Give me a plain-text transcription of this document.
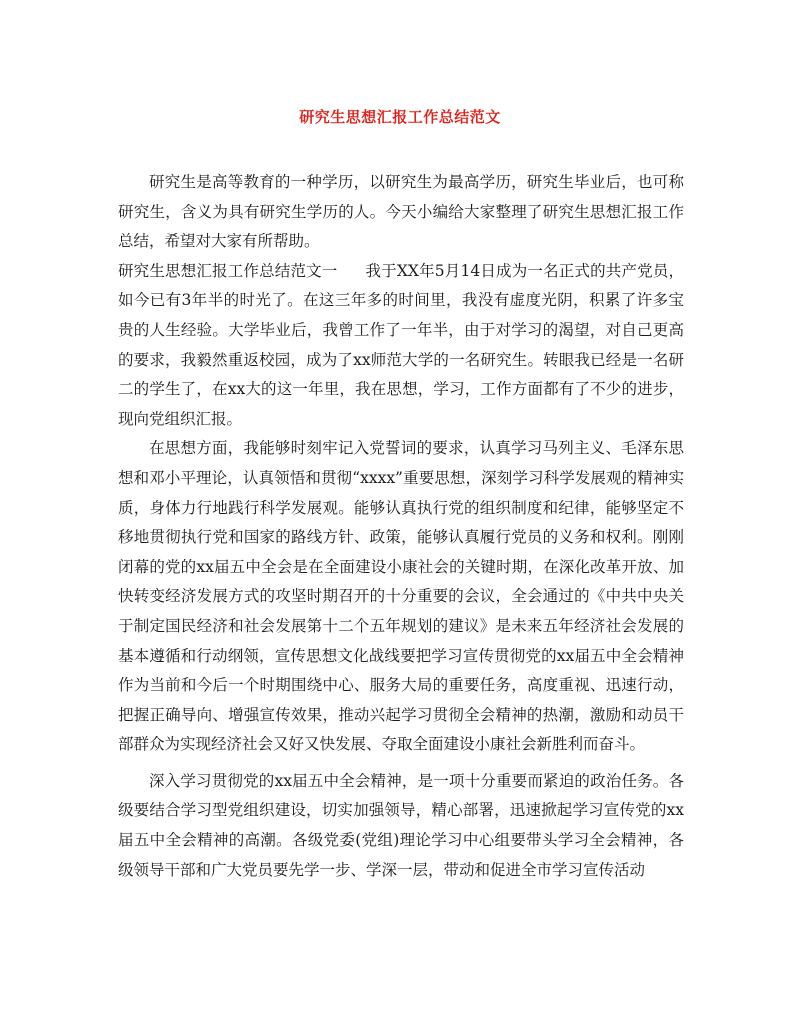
研究生思想汇报工作总结范文

研究生是高等教育的一种学历，以研究生为最高学历，研究生毕业后，也可称研究生，含义为具有研究生学历的人。今天小编给大家整理了研究生思想汇报工作总结，希望对大家有所帮助。

研究生思想汇报工作总结范文一 我于XX年5月14日成为一名正式的共产党员，如今已有3年半的时光了。在这三年多的时间里，我没有虚度光阴，积累了许多宝贵的人生经验。大学毕业后，我曾工作了一年半，由于对学习的渴望，对自己更高的要求，我毅然重返校园，成为了xx师范大学的一名研究生。转眼我已经是一名研二的学生了，在xx大的这一年里，我在思想，学习，工作方面都有了不少的进步，现向党组织汇报。

在思想方面，我能够时刻牢记入党誓词的要求，认真学习马列主义、毛泽东思想和邓小平理论，认真领悟和贯彻“xxxx”重要思想，深刻学习科学发展观的精神实质，身体力行地践行科学发展观。能够认真执行党的组织制度和纪律，能够坚定不移地贯彻执行党和国家的路线方针、政策，能够认真履行党员的义务和权利。刚刚闭幕的党的xx届五中全会是在全面建设小康社会的关键时期，在深化改革开放、加快转变经济发展方式的攻坚时期召开的十分重要的会议，全会通过的《中共中央关于制定国民经济和社会发展第十二个五年规划的建议》是未来五年经济社会发展的基本遵循和行动纲领，宣传思想文化战线要把学习宣传贯彻党的xx届五中全会精神作为当前和今后一个时期围绕中心、服务大局的重要任务，高度重视、迅速行动，把握正确导向、增强宣传效果，推动兴起学习贯彻全会精神的热潮，激励和动员干部群众为实现经济社会又好又快发展、夺取全面建设小康社会新胜利而奋斗。

深入学习贯彻党的xx届五中全会精神，是一项十分重要而紧迫的政治任务。各级要结合学习型党组织建设，切实加强领导，精心部署，迅速掀起学习宣传党的xx届五中全会精神的高潮。各级党委(党组)理论学习中心组要带头学习全会精神，各级领导干部和广大党员要先学一步、学深一层，带动和促进全市学习宣传活动
